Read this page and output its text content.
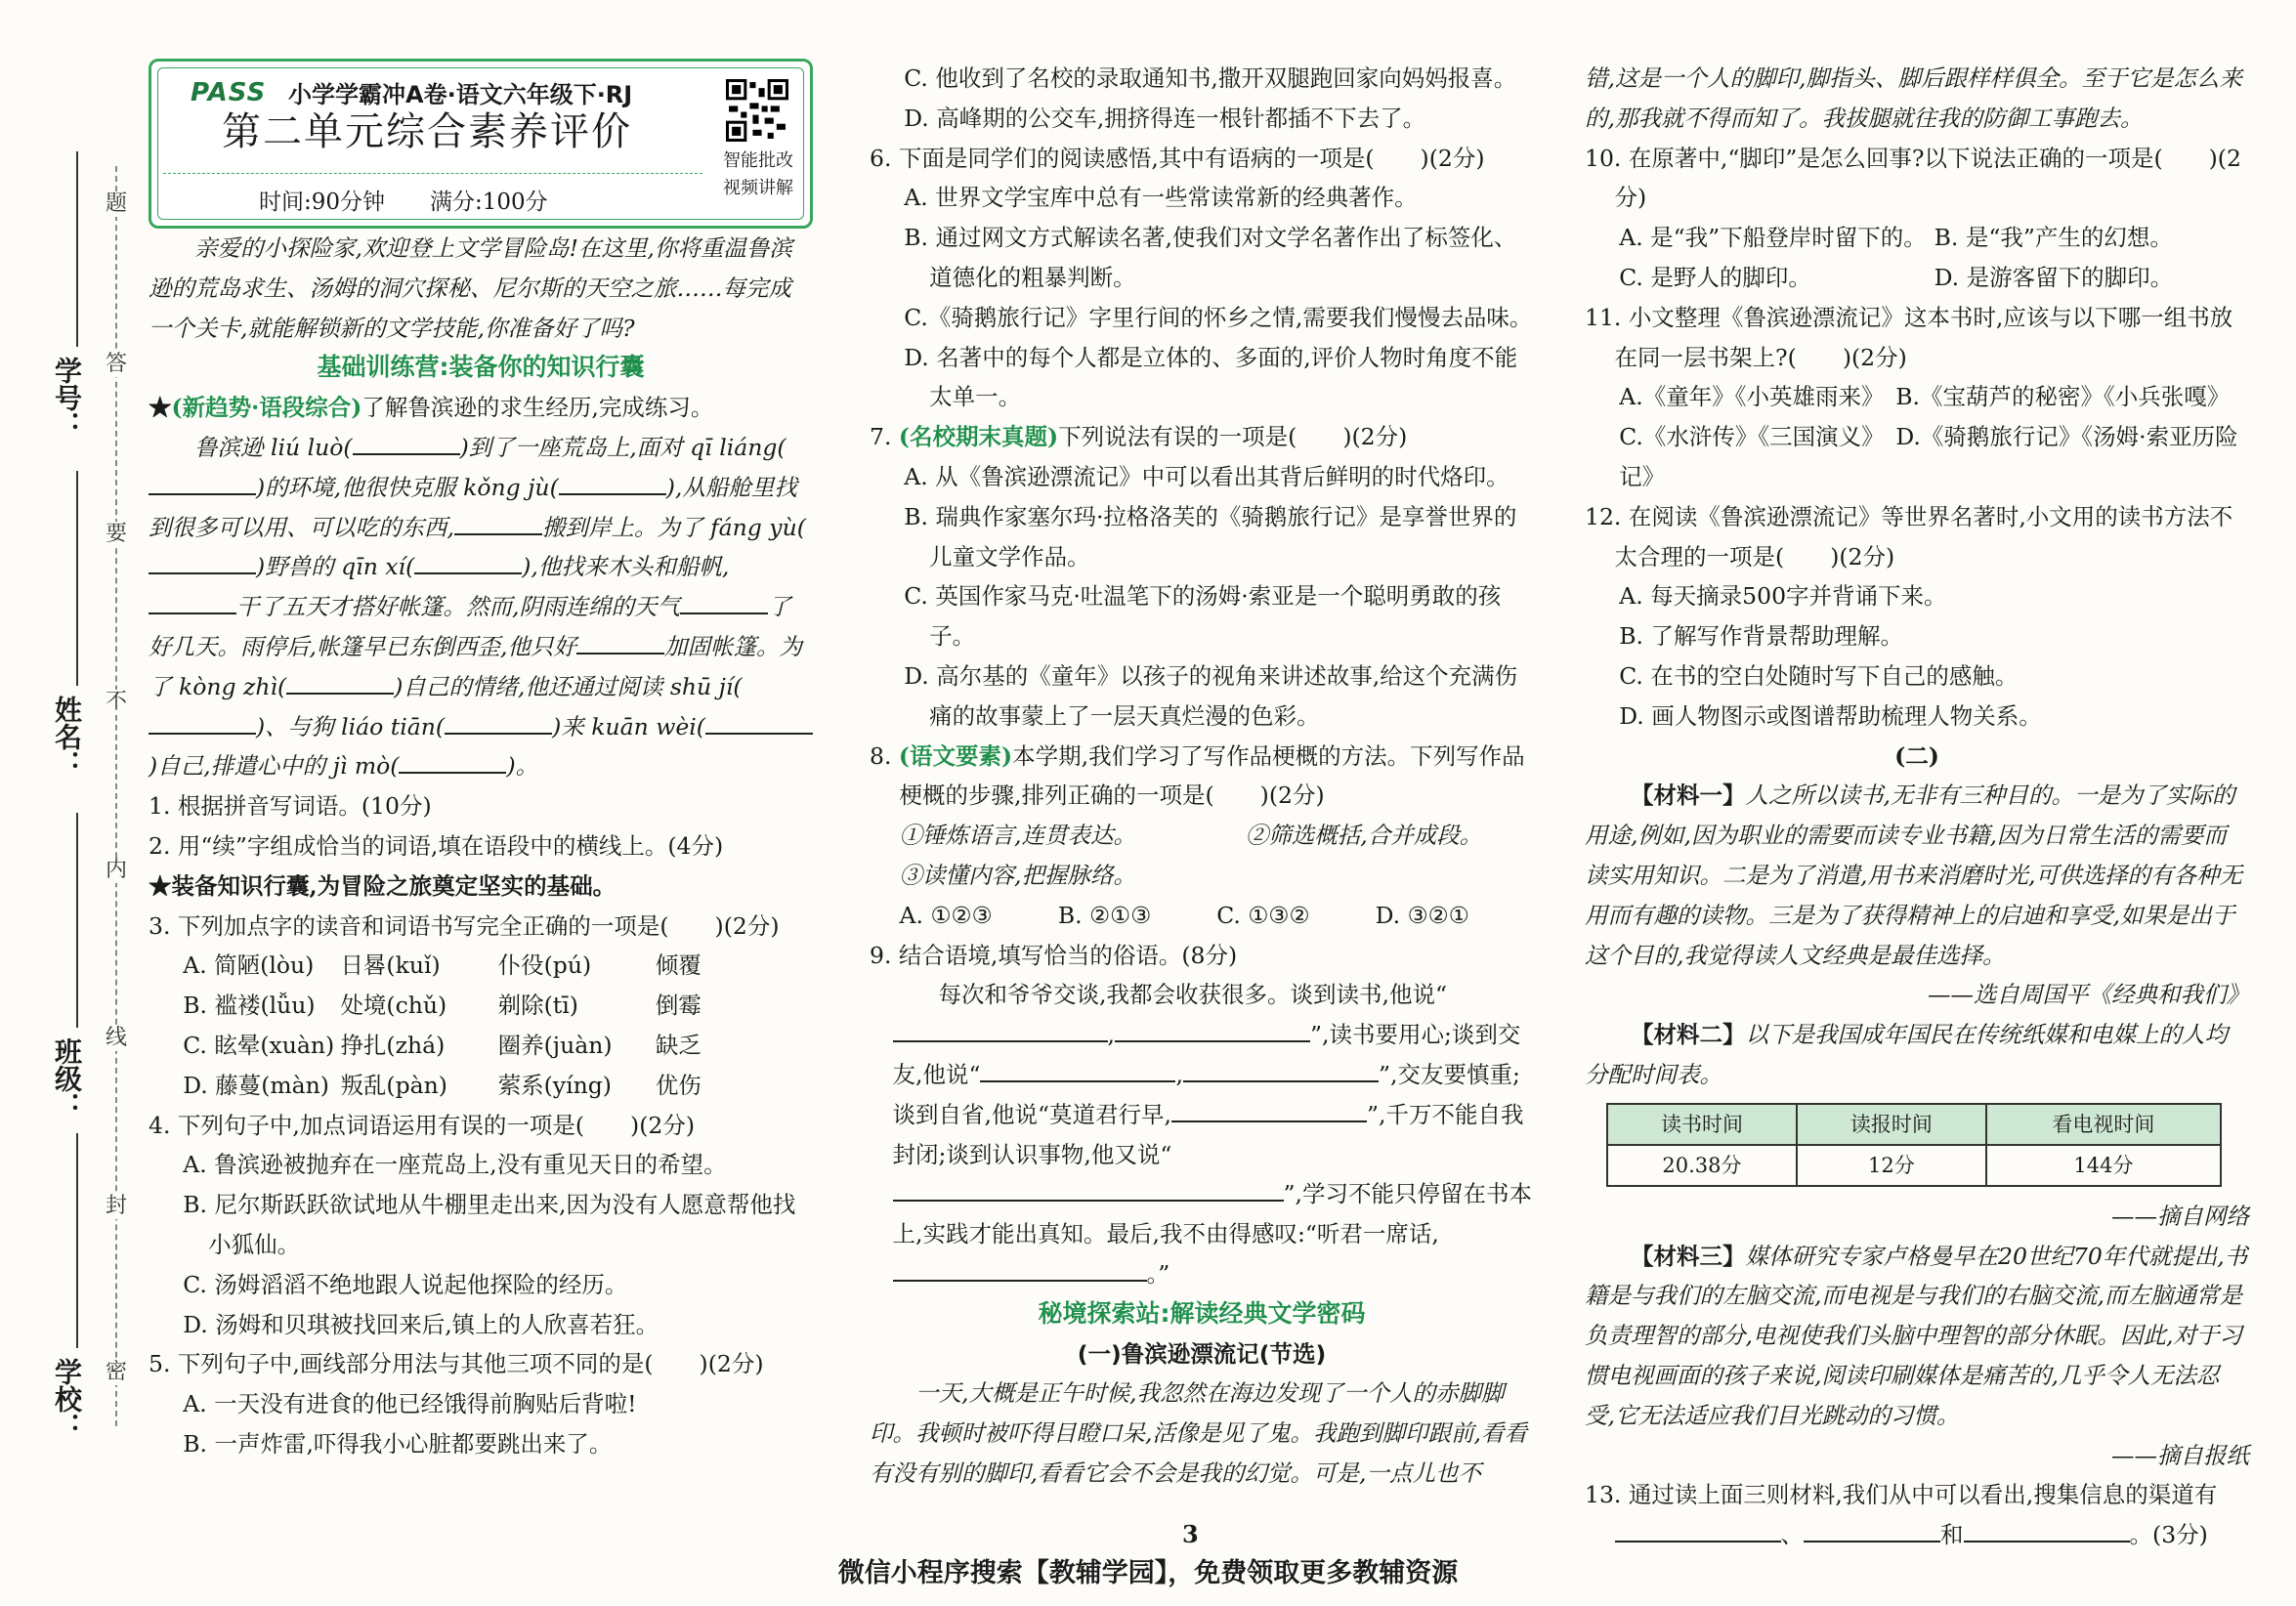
题
答
要
不
内
线
封
密
学号：
姓名：
班级：
学校：
PASS 小学学霸冲A卷·语文六年级下·RJ
第二单元综合素养评价
时间:90分钟　　满分:100分
智能批改
视频讲解

亲爱的小探险家,欢迎登上文学冒险岛!在这里,你将重温鲁滨逊的荒岛求生、汤姆的洞穴探秘、尼尔斯的天空之旅……每完成一个关卡,就能解锁新的文学技能,你准备好了吗?

基础训练营:装备你的知识行囊
★(新趋势·语段综合)了解鲁滨逊的求生经历,完成练习。

鲁滨逊 liú luò(	)到了一座荒岛上,面对 qī liáng()的环境,他很快克服 kǒng jù(	),从船舱里找到很多可以用、可以吃的东西,	搬到岸上。为了 fáng yù()野兽的 qīn xí(	),他找来木头和船帆,干了五天才搭好帐篷。然而,阴雨连绵的天气	了好几天。雨停后,帐篷早已东倒西歪,他只好	加固帐篷。为了 kòng zhì(	)自己的情绪,他还通过阅读 shū jí()、与狗 liáo tiān(	)来 kuān wèi()自己,排遣心中的 jì mò(	)。

1. 根据拼音写词语。(10分)
2. 用“续”字组成恰当的词语,填在语段中的横线上。(4分)
★装备知识行囊,为冒险之旅奠定坚实的基础。
3. 下列加点字的读音和词语书写完全正确的一项是(　　)(2分)
A. 简陋(lòu)	日晷(kuǐ)	仆役(pú)	倾覆
B. 褴褛(lǚu)	处境(chǔ)	剃除(tī)	倒霉
C. 眩晕(xuàn) 挣扎(zhá)	圈养(juàn)	缺乏
D. 藤蔓(màn) 叛乱(pàn)	萦系(yíng)	优伤
4. 下列句子中,加点词语运用有误的一项是(　　)(2分)
A. 鲁滨逊被抛弃在一座荒岛上,没有重见天日的希望。
B. 尼尔斯跃跃欲试地从牛棚里走出来,因为没有人愿意帮他找小狐仙。
C. 汤姆滔滔不绝地跟人说起他探险的经历。
D. 汤姆和贝琪被找回来后,镇上的人欣喜若狂。
5. 下列句子中,画线部分用法与其他三项不同的是(　　)(2分)
A. 一天没有进食的他已经饿得前胸贴后背啦!
B. 一声炸雷,吓得我小心脏都要跳出来了。
C. 他收到了名校的录取通知书,撒开双腿跑回家向妈妈报喜。
D. 高峰期的公交车,拥挤得连一根针都插不下去了。
6. 下面是同学们的阅读感悟,其中有语病的一项是(　　)(2分)
A. 世界文学宝库中总有一些常读常新的经典著作。
B. 通过网文方式解读名著,使我们对文学名著作出了标签化、道德化的粗暴判断。
C.《骑鹅旅行记》字里行间的怀乡之情,需要我们慢慢去品味。
D. 名著中的每个人都是立体的、多面的,评价人物时角度不能太单一。
7. (名校期末真题)下列说法有误的一项是(　　)(2分)
A. 从《鲁滨逊漂流记》中可以看出其背后鲜明的时代烙印。
B. 瑞典作家塞尔玛·拉格洛芙的《骑鹅旅行记》是享誉世界的儿童文学作品。
C. 英国作家马克·吐温笔下的汤姆·索亚是一个聪明勇敢的孩子。
D. 高尔基的《童年》以孩子的视角来讲述故事,给这个充满伤痛的故事蒙上了一层天真烂漫的色彩。
8. (语文要素)本学期,我们学习了写作品梗概的方法。下列写作品梗概的步骤,排列正确的一项是(　　)(2分)
①锤炼语言,连贯表达。	②筛选概括,合并成段。
③读懂内容,把握脉络。
A. ①②③	B. ②①③	C. ①③②	D. ③②①
9. 结合语境,填写恰当的俗语。(8分)

每次和爷爷交谈,我都会收获很多。谈到读书,他说“,	”,读书要用心;谈到交友,他说“	,	”,交友要慎重;谈到自省,他说“莫道君行早,	”,千万不能自我封闭;谈到认识事物,他又说“”,学习不能只停留在书本上,实践才能出真知。最后,我不由得感叹:“听君一席话,。”

秘境探索站:解读经典文学密码
(一)鲁滨逊漂流记(节选)

一天,大概是正午时候,我忽然在海边发现了一个人的赤脚脚印。我顿时被吓得目瞪口呆,活像是见了鬼。我跑到脚印跟前,看看有没有别的脚印,看看它会不会是我的幻觉。可是,一点儿也不

错,这是一个人的脚印,脚指头、脚后跟样样俱全。至于它是怎么来的,那我就不得而知了。我拔腿就往我的防御工事跑去。

10. 在原著中,“脚印”是怎么回事?以下说法正确的一项是(　　)(2分)
A. 是“我”下船登岸时留下的。 B. 是“我”产生的幻想。
C. 是野人的脚印。	D. 是游客留下的脚印。
11. 小文整理《鲁滨逊漂流记》这本书时,应该与以下哪一组书放在同一层书架上?(　　)(2分)
A.《童年》《小英雄雨来》　 B.《宝葫芦的秘密》《小兵张嘎》
C.《水浒传》《三国演义》　 D.《骑鹅旅行记》《汤姆·索亚历险记》
12. 在阅读《鲁滨逊漂流记》等世界名著时,小文用的读书方法不太合理的一项是(　　)(2分)
A. 每天摘录500字并背诵下来。
B. 了解写作背景帮助理解。
C. 在书的空白处随时写下自己的感触。
D. 画人物图示或图谱帮助梳理人物关系。
(二)

【材料一】人之所以读书,无非有三种目的。一是为了实际的用途,例如,因为职业的需要而读专业书籍,因为日常生活的需要而读实用知识。二是为了消遣,用书来消磨时光,可供选择的有各种无用而有趣的读物。三是为了获得精神上的启迪和享受,如果是出于这个目的,我觉得读人文经典是最佳选择。

——选自周国平《经典和我们》

【材料二】以下是我国成年国民在传统纸媒和电媒上的人均分配时间表。

读书时间	读报时间	看电视时间
20.38分	12分	144分
——摘自网络

【材料三】媒体研究专家卢格曼早在20世纪70年代就提出,书籍是与我们的左脑交流,而电视是与我们的右脑交流,而左脑通常是负责理智的部分,电视使我们头脑中理智的部分休眠。因此,对于习惯电视画面的孩子来说,阅读印刷媒体是痛苦的,几乎令人无法忍受,它无法适应我们目光跳动的习惯。

——摘自报纸
13. 通过读上面三则材料,我们从中可以看出,搜集信息的渠道有、	和	。(3分)
3
微信小程序搜索【教辅学园】，免费领取更多教辅资源
